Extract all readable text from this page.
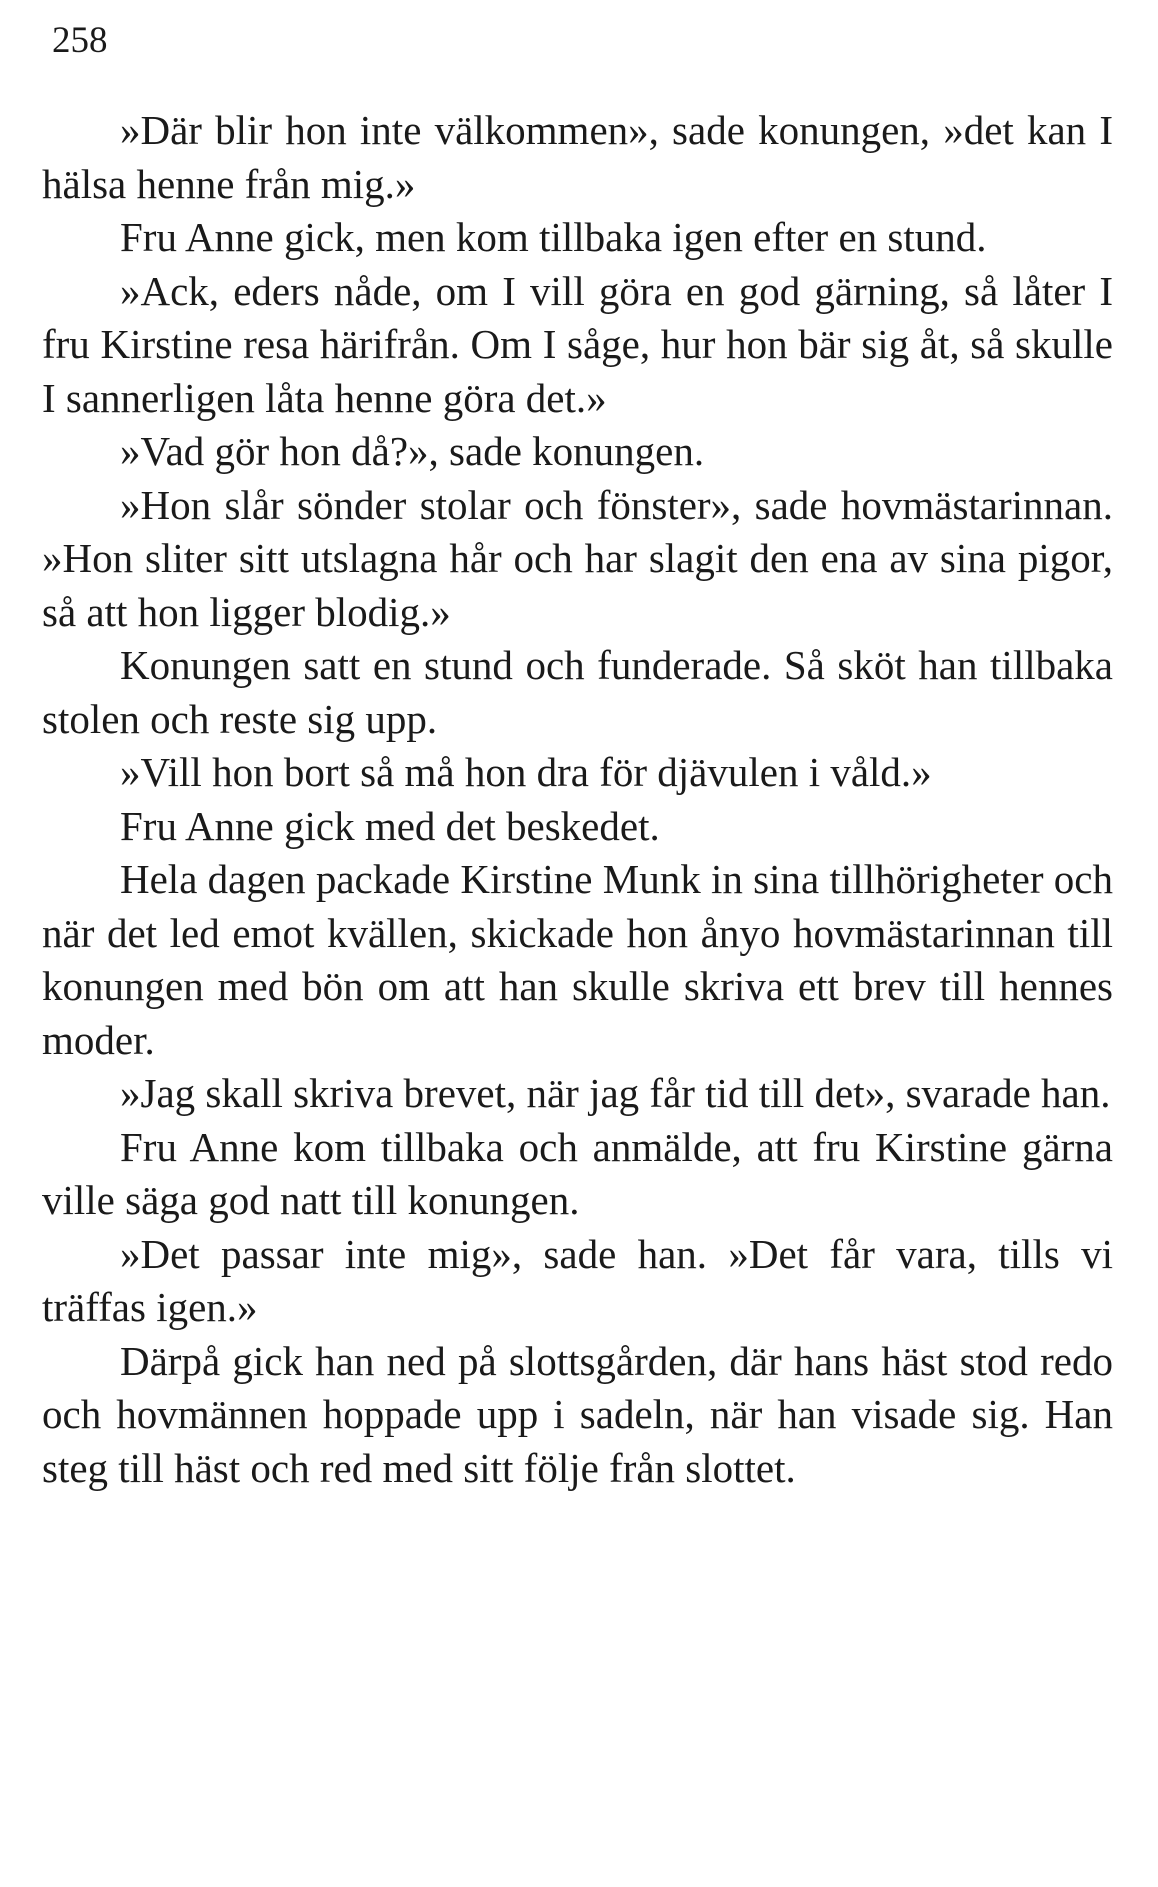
258

»Där blir hon inte välkommen», sade konungen, »det kan I hälsa henne från mig.»

Fru Anne gick, men kom tillbaka igen efter en stund.

»Ack, eders nåde, om I vill göra en god gärning, så låter I fru Kirstine resa härifrån. Om I såge, hur hon bär sig åt, så skulle I sannerligen låta henne göra det.»

»Vad gör hon då?», sade konungen.

»Hon slår sönder stolar och fönster», sade hovmästarinnan. »Hon sliter sitt utslagna hår och har slagit den ena av sina pigor, så att hon ligger blodig.»

Konungen satt en stund och funderade. Så sköt han tillbaka stolen och reste sig upp.

»Vill hon bort så må hon dra för djävulen i våld.»

Fru Anne gick med det beskedet.

Hela dagen packade Kirstine Munk in sina tillhörigheter och när det led emot kvällen, skickade hon ånyo hovmästarinnan till konungen med bön om att han skulle skriva ett brev till hennes moder.

»Jag skall skriva brevet, när jag får tid till det», svarade han.

Fru Anne kom tillbaka och anmälde, att fru Kirstine gärna ville säga god natt till konungen.

»Det passar inte mig», sade han. »Det får vara, tills vi träffas igen.»

Därpå gick han ned på slottsgården, där hans häst stod redo och hovmännen hoppade upp i sadeln, när han visade sig. Han steg till häst och red med sitt följe från slottet.
